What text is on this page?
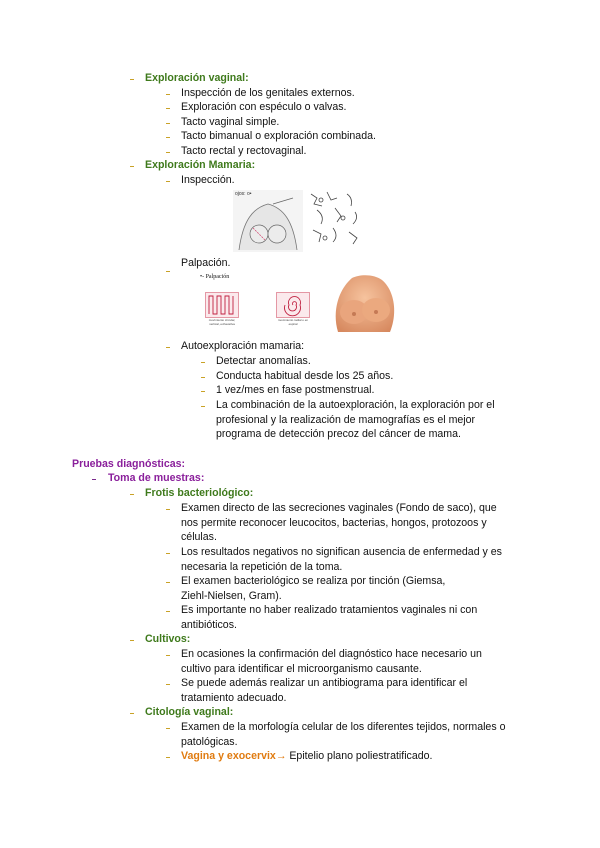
Exploración vaginal:
Inspección de los genitales externos.
Exploración con espéculo o valvas.
Tacto vaginal simple.
Tacto bimanual o exploración combinada.
Tacto rectal y rectovaginal.
Exploración Mamaria:
Inspección.
ojos: o•
Palpación.
•- Palpación
movimiento circular, vertical, exhaustiva
movimiento radial o en espiral
Autoexploración mamaria:
Detectar anomalías.
Conducta habitual desde los 25 años.
1 vez/mes en fase postmenstrual.
La combinación de la autoexploración, la exploración por el
profesional y la realización de mamografías es el mejor
programa de detección precoz del cáncer de mama.
Pruebas diagnósticas:
Toma de muestras:
Frotis bacteriológico:
Examen directo de las secreciones vaginales (Fondo de saco), que
nos permite reconocer leucocitos, bacterias, hongos, protozoos y
células.
Los resultados negativos no significan ausencia de enfermedad y es
necesaria la repetición de la toma.
El examen bacteriológico se realiza por tinción (Giemsa,
Ziehl-Nielsen, Gram).
Es importante no haber realizado tratamientos vaginales ni con
antibióticos.
Cultivos:
En ocasiones la confirmación del diagnóstico hace necesario un
cultivo para identificar el microorganismo causante.
Se puede además realizar un antibiograma para identificar el
tratamiento adecuado.
Citología vaginal:
Examen de la morfología celular de los diferentes tejidos, normales o
patológicas.
Vagina y exocervix→ Epitelio plano poliestratificado.
